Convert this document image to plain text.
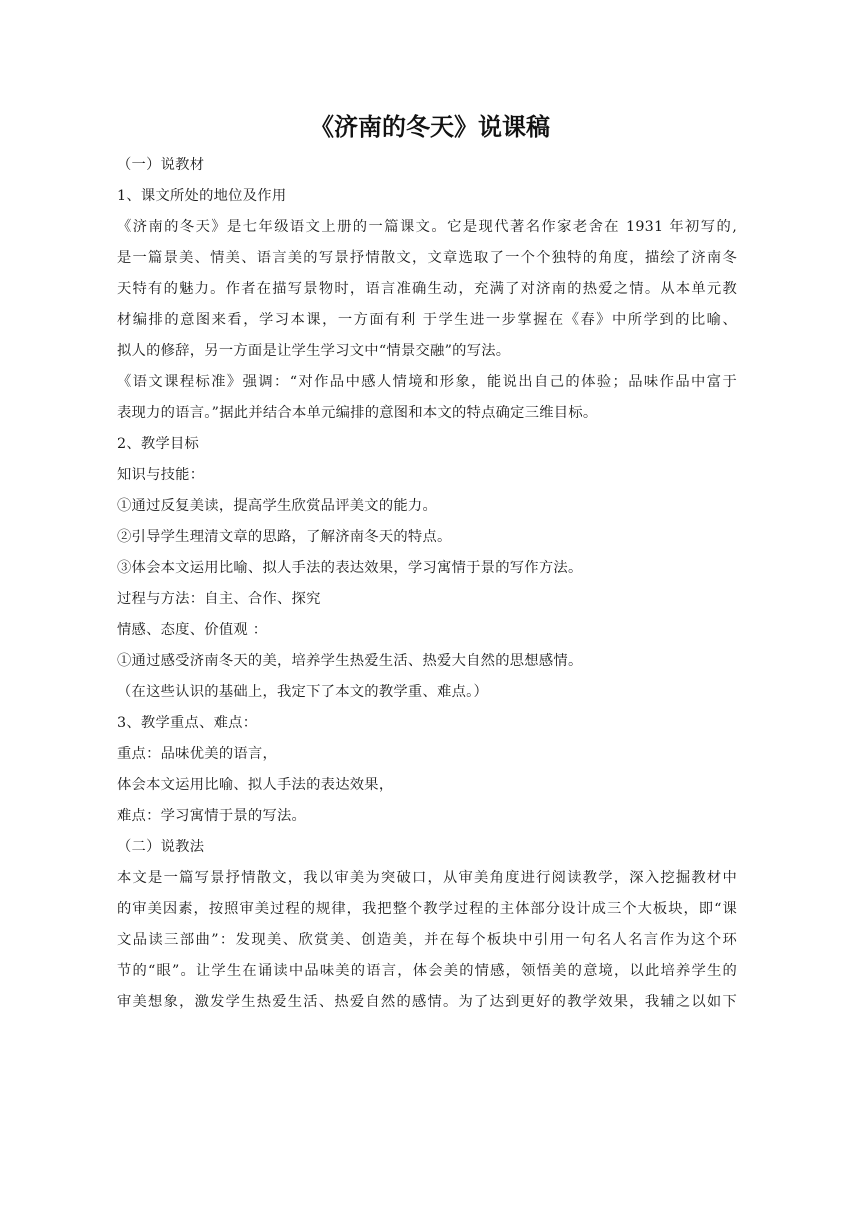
《济南的冬天》说课稿
（一）说教材
1、课文所处的地位及作用
《济南的冬天》是七年级语文上册的一篇课文。它是现代著名作家老舍在 1931 年初写的,
是一篇景美、情美、语言美的写景抒情散文，文章选取了一个个独特的角度，描绘了济南冬
天特有的魅力。作者在描写景物时，语言准确生动，充满了对济南的热爱之情。从本单元教
材编排的意图来看，学习本课，一方面有利 于学生进一步掌握在《春》中所学到的比喻、
拟人的修辞，另一方面是让学生学习文中“情景交融”的写法。
《语文课程标准》强调：“对作品中感人情境和形象，能说出自己的体验；品味作品中富于
表现力的语言。”据此并结合本单元编排的意图和本文的特点确定三维目标。
2、教学目标
知识与技能：
①通过反复美读，提高学生欣赏品评美文的能力。
②引导学生理清文章的思路，了解济南冬天的特点。
③体会本文运用比喻、拟人手法的表达效果，学习寓情于景的写作方法。
过程与方法：自主、合作、探究
情感、态度、价值观 ：
①通过感受济南冬天的美，培养学生热爱生活、热爱大自然的思想感情。
（在这些认识的基础上，我定下了本文的教学重、难点。）
3、教学重点、难点：
重点：品味优美的语言，
体会本文运用比喻、拟人手法的表达效果，
难点：学习寓情于景的写法。
（二）说教法
本文是一篇写景抒情散文，我以审美为突破口，从审美角度进行阅读教学，深入挖掘教材中
的审美因素，按照审美过程的规律，我把整个教学过程的主体部分设计成三个大板块，即“课
文品读三部曲”：发现美、欣赏美、创造美，并在每个板块中引用一句名人名言作为这个环
节的“眼”。让学生在诵读中品味美的语言，体会美的情感，领悟美的意境，以此培养学生的
审美想象，激发学生热爱生活、热爱自然的感情。为了达到更好的教学效果，我辅之以如下
